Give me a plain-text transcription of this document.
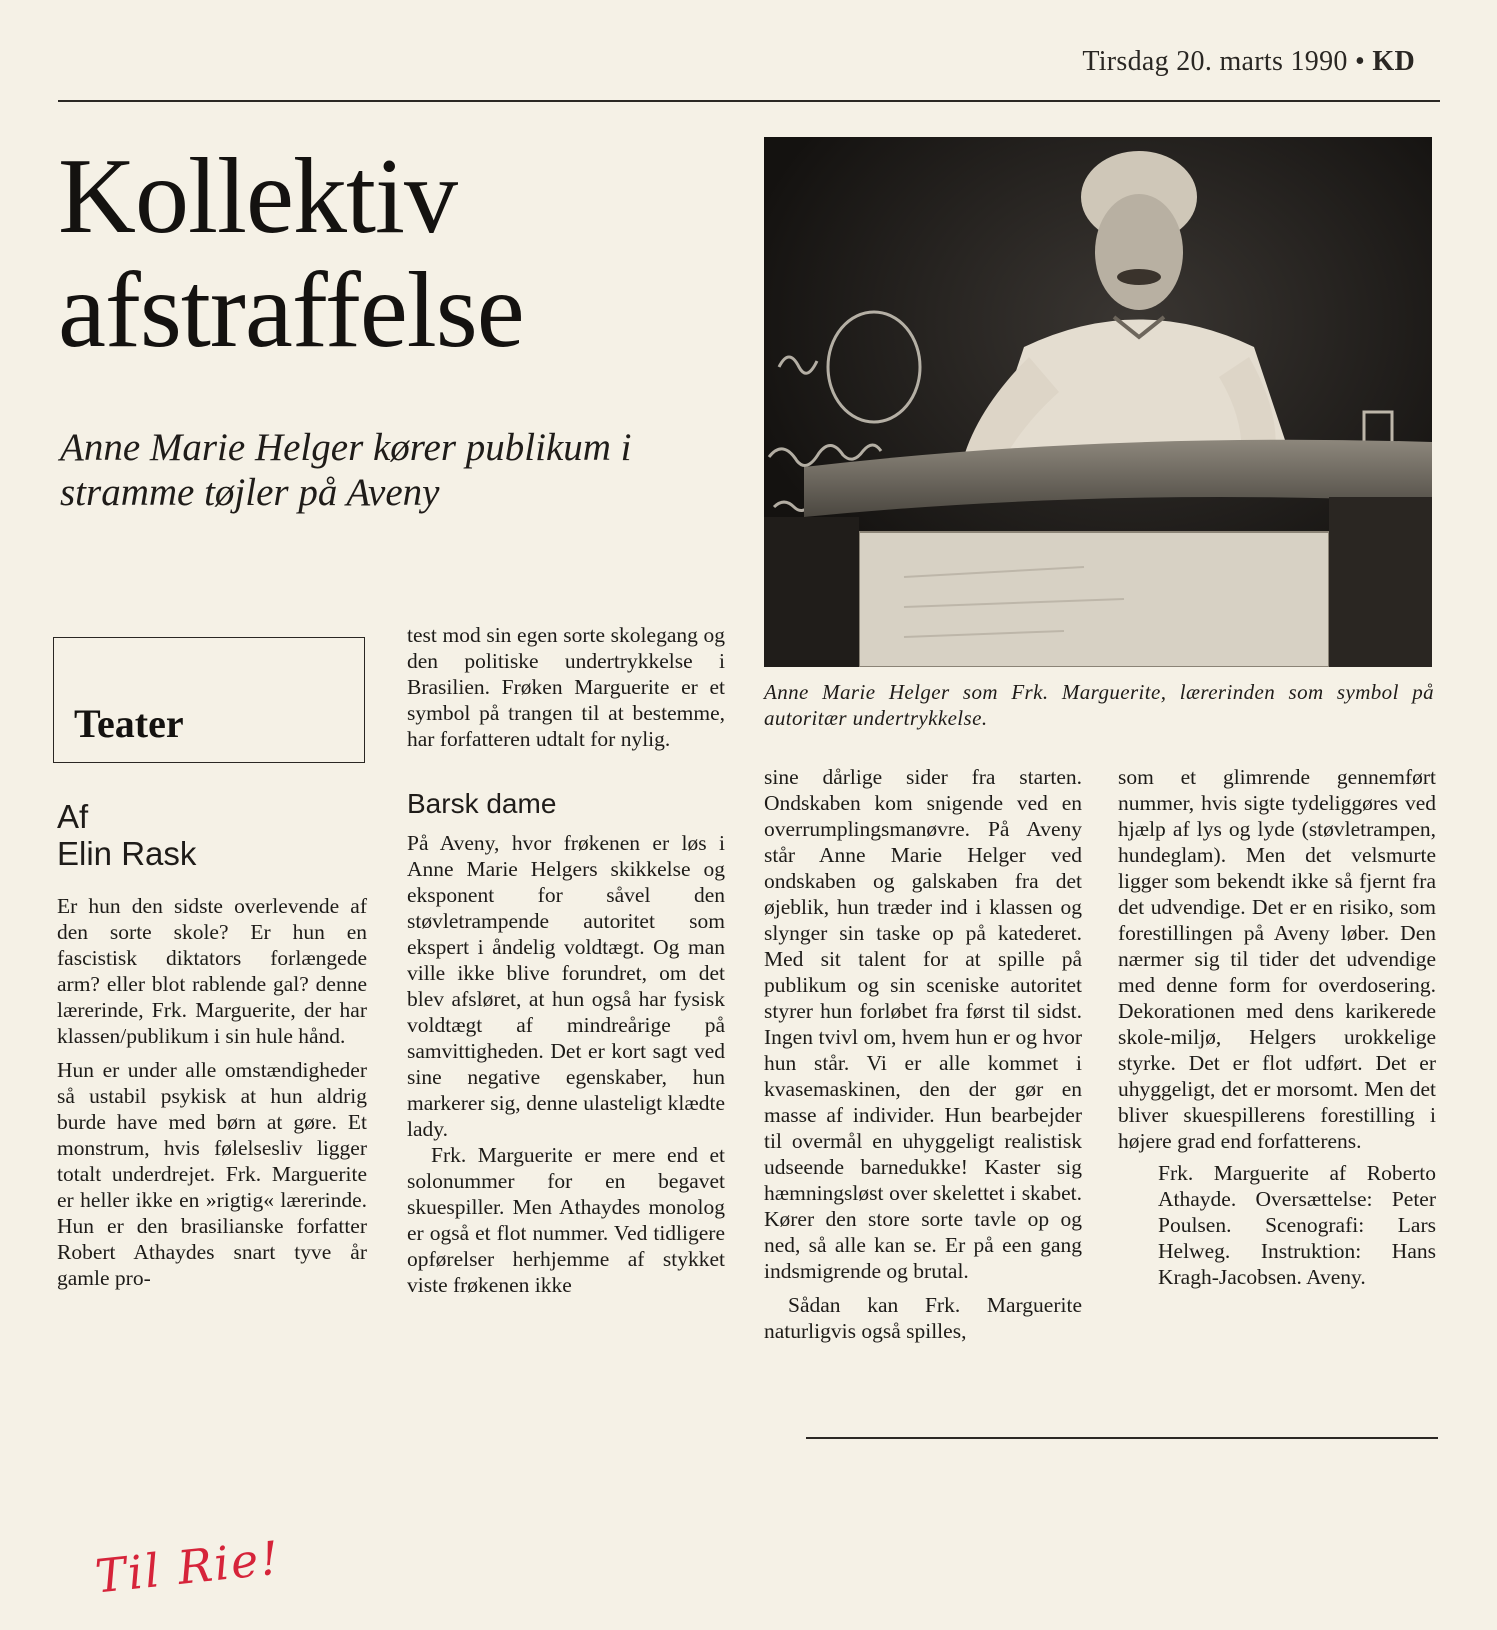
Tirsdag 20. marts 1990 • KD
Kollektiv
afstraffelse
Anne Marie Helger kører publikum i stramme tøjler på Aveny
Anne Marie Helger som Frk. Marguerite, lærerinden som symbol på autoritær undertrykkelse.
Teater
Af
Elin Rask

Er hun den sidste overlevende af den sorte skole? Er hun en fascistisk diktators forlængede arm? eller blot rablende gal? denne lærerinde, Frk. Marguerite, der har klassen/publikum i sin hule hånd.

Hun er under alle omstændigheder så ustabil psykisk at hun aldrig burde have med børn at gøre. Et monstrum, hvis følelsesliv ligger totalt underdrejet. Frk. Marguerite er heller ikke en »rigtig« lærerinde. Hun er den brasilianske forfatter Robert Athaydes snart tyve år gamle pro-

test mod sin egen sorte skolegang og den politiske undertrykkelse i Brasilien. Frøken Marguerite er et symbol på trangen til at bestemme, har forfatteren udtalt for nylig.

Barsk dame

På Aveny, hvor frøkenen er løs i Anne Marie Helgers skikkelse og eksponent for såvel den støvletrampende autoritet som ekspert i åndelig voldtægt. Og man ville ikke blive forundret, om det blev afsløret, at hun også har fysisk voldtægt af mindreårige på samvittigheden. Det er kort sagt ved sine negative egenskaber, hun markerer sig, denne ulasteligt klædte lady.

Frk. Marguerite er mere end et solonummer for en begavet skuespiller. Men Athaydes monolog er også et flot nummer. Ved tidligere opførelser herhjemme af stykket viste frøkenen ikke

sine dårlige sider fra starten. Ondskaben kom snigende ved en overrumplingsmanøvre. På Aveny står Anne Marie Helger ved ondskaben og galskaben fra det øjeblik, hun træder ind i klassen og slynger sin taske op på katederet. Med sit talent for at spille på publikum og sin sceniske autoritet styrer hun forløbet fra først til sidst. Ingen tvivl om, hvem hun er og hvor hun står. Vi er alle kommet i kvasemaskinen, den der gør en masse af individer. Hun bearbejder til overmål en uhyggeligt realistisk udseende barnedukke! Kaster sig hæmningsløst over skelettet i skabet. Kører den store sorte tavle op og ned, så alle kan se. Er på een gang indsmigrende og brutal.

Sådan kan Frk. Marguerite naturligvis også spilles,

som et glimrende gennemført nummer, hvis sigte tydeliggøres ved hjælp af lys og lyde (støvletrampen, hundeglam). Men det velsmurte ligger som bekendt ikke så fjernt fra det udvendige. Det er en risiko, som forestillingen på Aveny løber. Den nærmer sig til tider det udvendige med denne form for overdosering. Dekorationen med dens karikerede skole-miljø, Helgers urokkelige styrke. Det er flot udført. Det er uhyggeligt, det er morsomt. Men det bliver skuespillerens forestilling i højere grad end forfatterens.

Frk. Marguerite af Roberto Athayde. Oversættelse: Peter Poulsen. Scenografi: Lars Helweg. Instruktion: Hans Kragh-Jacobsen. Aveny.

Til Rie!
